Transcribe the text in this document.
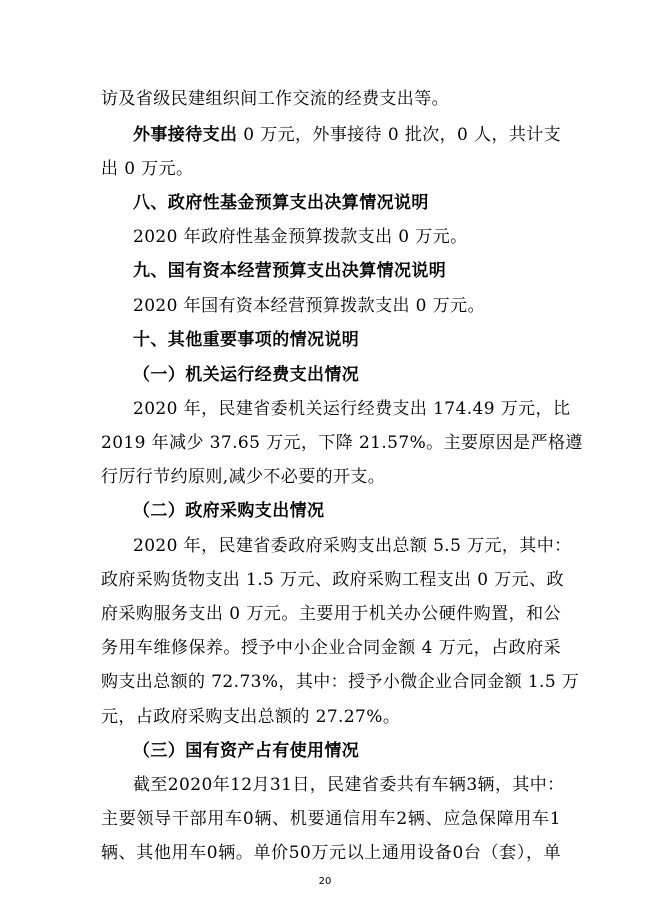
访及省级民建组织间工作交流的经费支出等。
外事接待支出 0 万元，外事接待 0 批次，0 人，共计支
出 0 万元。
八、政府性基金预算支出决算情况说明
2020 年政府性基金预算拨款支出 0 万元。
九、国有资本经营预算支出决算情况说明
2020 年国有资本经营预算拨款支出 0 万元。
十、其他重要事项的情况说明
（一）机关运行经费支出情况
2020 年，民建省委机关运行经费支出 174.49 万元，比
2019 年减少 37.65 万元，下降 21.57%。主要原因是严格遵
行厉行节约原则,减少不必要的开支。
（二）政府采购支出情况
2020 年，民建省委政府采购支出总额 5.5 万元，其中：
政府采购货物支出 1.5 万元、政府采购工程支出 0 万元、政
府采购服务支出 0 万元。主要用于机关办公硬件购置，和公
务用车维修保养。授予中小企业合同金额 4 万元，占政府采
购支出总额的 72.73%，其中：授予小微企业合同金额 1.5 万
元，占政府采购支出总额的 27.27%。
（三）国有资产占有使用情况
截至2020年12月31日，民建省委共有车辆3辆，其中：
主要领导干部用车0辆、机要通信用车2辆、应急保障用车1
辆、其他用车0辆。单价50万元以上通用设备0台（套），单
20
